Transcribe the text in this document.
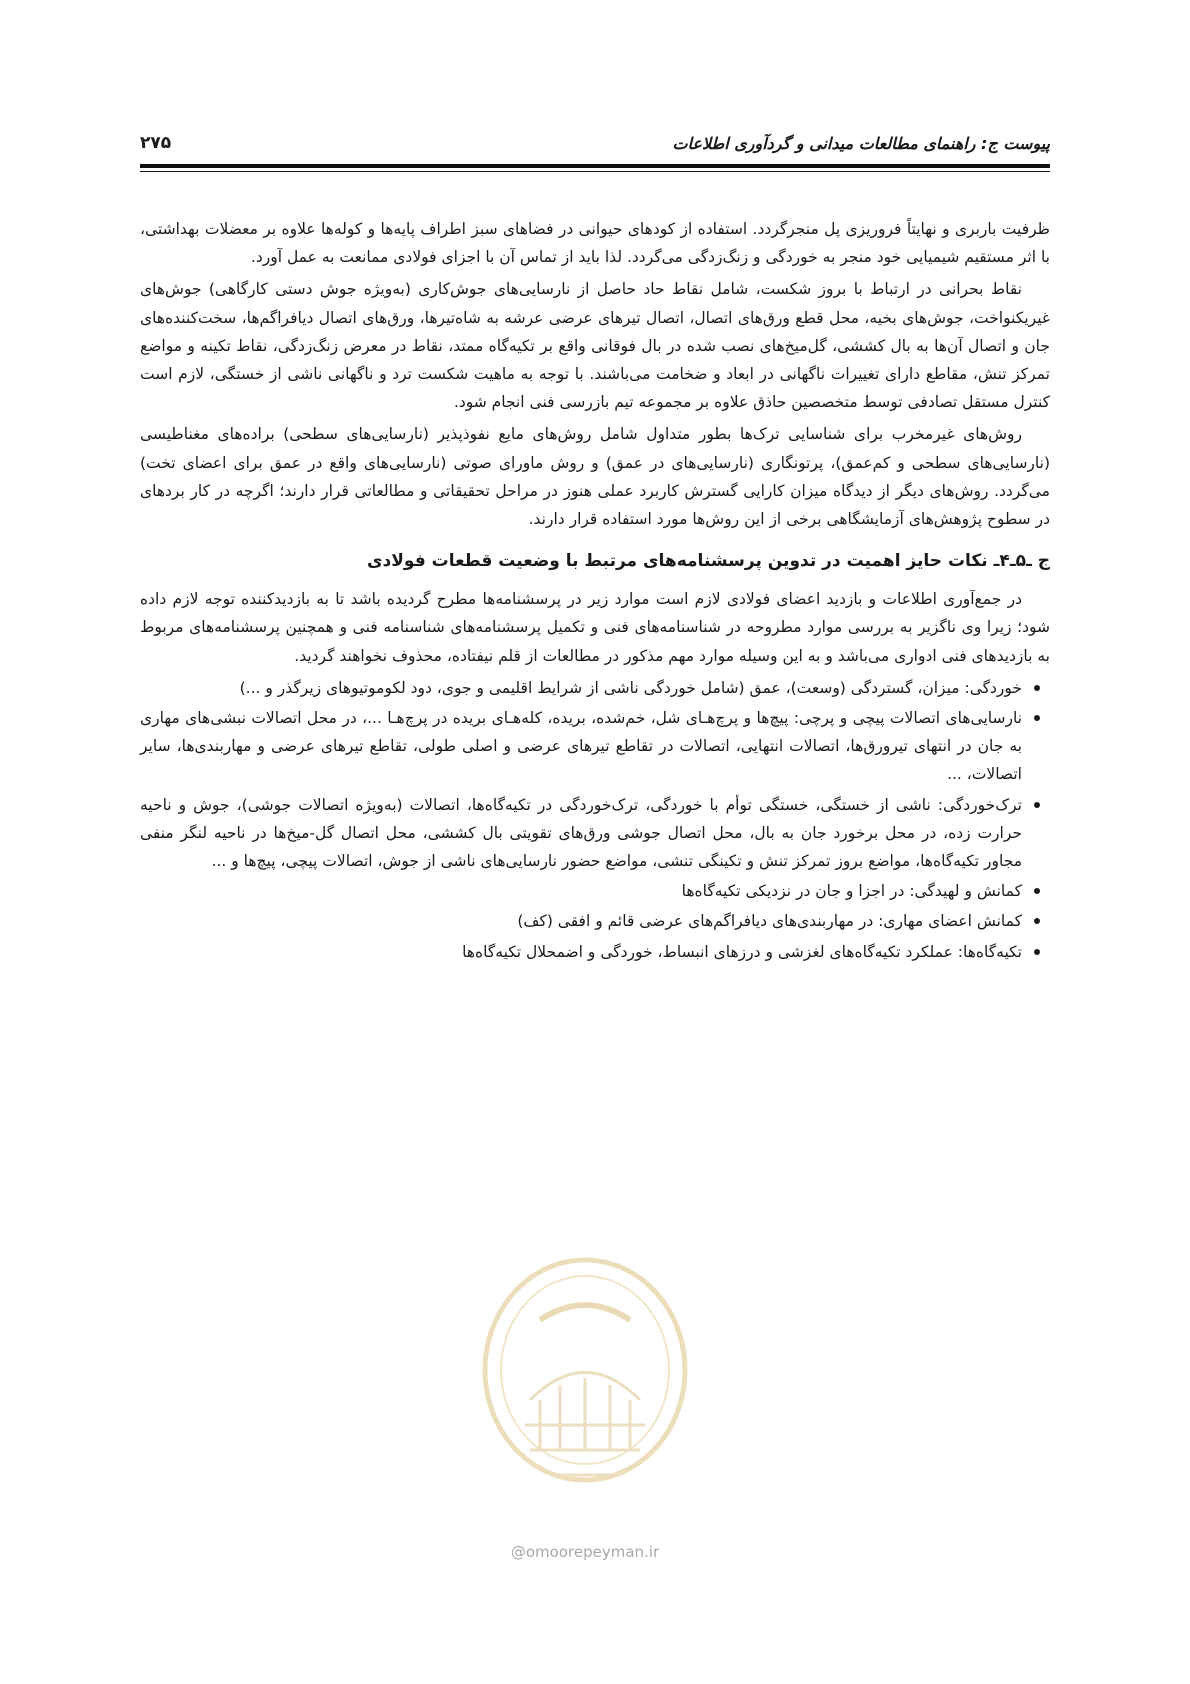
پیوست ج: راهنمای مطالعات میدانی و گردآوری اطلاعات
۲۷۵

ظرفیت باربری و نهایتاً فروریزی پل منجرگردد. استفاده از کودهای حیوانی در فضاهای سبز اطراف پایه‌ها و کوله‌ها علاوه بر معضلات بهداشتی، با اثر مستقیم شیمیایی خود منجر به خوردگی و زنگ‌زدگی می‌گردد. لذا باید از تماس آن با اجزای فولادی ممانعت به عمل آورد.

نقاط بحرانی در ارتباط با بروز شکست، شامل نقاط حاد حاصل از نارسایی‌های جوش‌کاری (به‌ویژه جوش دستی کارگاهی) جوش‌های غیریکنواخت، جوش‌های بخیه، محل قطع ورق‌های اتصال، اتصال تیرهای عرضی عرشه به شاه‌تیرها، ورق‌های اتصال دیافراگم‌ها، سخت‌کننده‌های جان و اتصال آن‌ها به بال کششی، گل‌میخ‌های نصب شده در بال فوقانی واقع بر تکیه‌گاه ممتد، نقاط در معرض زنگ‌زدگی، نقاط تکینه و مواضع تمرکز تنش، مقاطع دارای تغییرات ناگهانی در ابعاد و ضخامت می‌باشند. با توجه به ماهیت شکست ترد و ناگهانی ناشی از خستگی، لازم است کنترل مستقل تصادفی توسط متخصصین حاذق علاوه بر مجموعه تیم بازرسی فنی انجام شود.

روش‌های غیرمخرب برای شناسایی ترک‌ها بطور متداول شامل روش‌های مایع نفوذپذیر (نارسایی‌های سطحی) براده‌های مغناطیسی (نارسایی‌های سطحی و کم‌عمق)، پرتونگاری (نارسایی‌های در عمق) و روش ماورای صوتی (نارسایی‌های واقع در عمق برای اعضای تخت) می‌گردد. روش‌های دیگر از دیدگاه میزان کارایی گسترش کاربرد عملی هنوز در مراحل تحقیقاتی و مطالعاتی قرار دارند؛ اگرچه در کار بردهای در سطوح پژوهش‌های آزمایشگاهی برخی از این روش‌ها مورد استفاده قرار دارند.

ج ـ۵ـ۴ـ نکات حایز اهمیت در تدوین پرسشنامه‌های مرتبط با وضعیت قطعات فولادی

در جمع‌آوری اطلاعات و بازدید اعضای فولادی لازم است موارد زیر در پرسشنامه‌ها مطرح گردیده باشد تا به بازدیدکننده توجه لازم داده شود؛ زیرا وی ناگزیر به بررسی موارد مطروحه در شناسنامه‌های فنی و تکمیل پرسشنامه‌های شناسنامه فنی و همچنین پرسشنامه‌های مربوط به بازدیدهای فنی ادواری می‌باشد و به این وسیله موارد مهم مذکور در مطالعات از قلم نیفتاده، محذوف نخواهند گردید.

خوردگی: میزان، گستردگی (وسعت)، عمق (شامل خوردگی ناشی از شرایط اقلیمی و جوی، دود لکوموتیوهای زیرگذر و ...)
نارسایی‌های اتصالات پیچی و پرچی: پیچ‌ها و پرچ‌هـای شل، خم‌شده، بریده، کله‌هـای بریده در پرچ‌هـا ...، در محل اتصالات نبشی‌های مهاری به جان در انتهای تیرورق‌ها، اتصالات انتهایی، اتصالات در تقاطع تیرهای عرضی و اصلی طولی، تقاطع تیرهای عرضی و مهاربندی‌ها، سایر اتصالات، ...
ترک‌خوردگی: ناشی از خستگی، خستگی توأم با خوردگی، ترک‌خوردگی در تکیه‌گاه‌ها، اتصالات (به‌ویژه اتصالات جوشی)، جوش و ناحیه حرارت زده، در محل برخورد جان به بال، محل اتصال جوشی ورق‌های تقویتی بال کششی، محل اتصال گل-میخ‌ها در ناحیه لنگر منفی مجاور تکیه‌گاه‌ها، مواضع بروز تمرکز تنش و تکینگی تنشی، مواضع حضور نارسایی‌های ناشی از جوش، اتصالات پیچی، پیچ‌ها و ...
کمانش و لهیدگی: در اجزا و جان در نزدیکی تکیه‌گاه‌ها
کمانش اعضای مهاری: در مهاربندی‌های دیافراگم‌های عرضی قائم و افقی (کف)
تکیه‌گاه‌ها: عملکرد تکیه‌گاه‌های لغزشی و درزهای انبساط، خوردگی و اضمحلال تکیه‌گاه‌ها
@omoorepeyman.ir
